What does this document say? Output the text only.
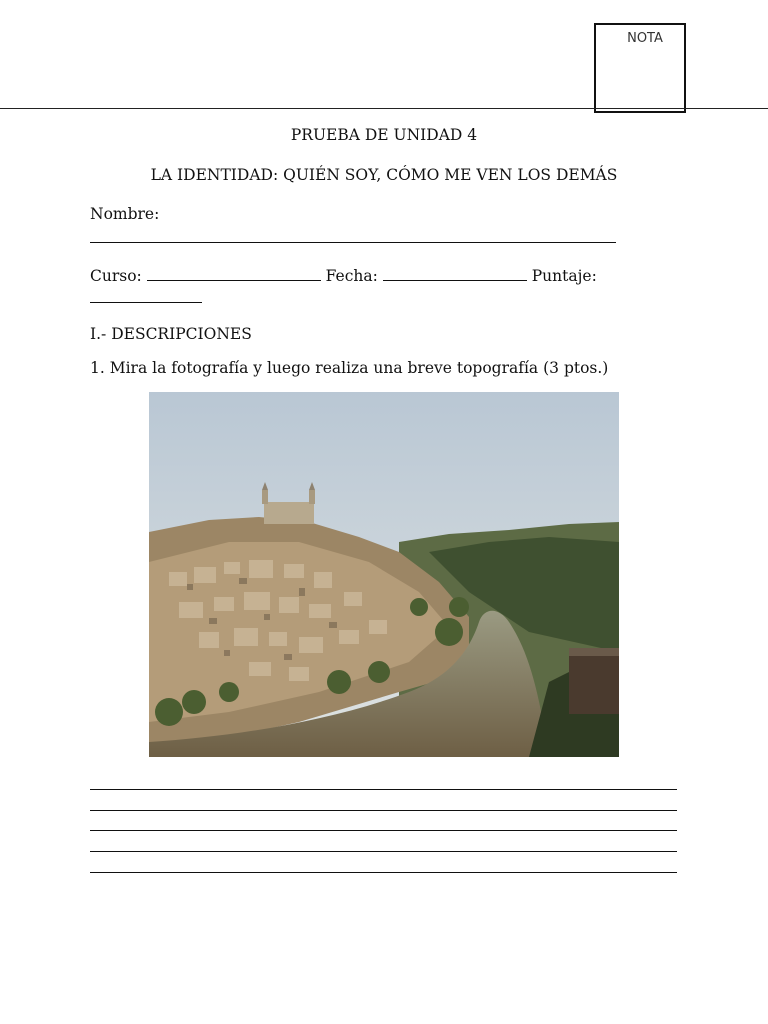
NOTA
PRUEBA DE UNIDAD 4
LA IDENTIDAD: QUIÉN SOY, CÓMO ME VEN LOS DEMÁS
Nombre:
Curso:	Fecha:	Puntaje:
I.- DESCRIPCIONES
1. Mira la fotografía y luego realiza una breve topografía (3 ptos.)
